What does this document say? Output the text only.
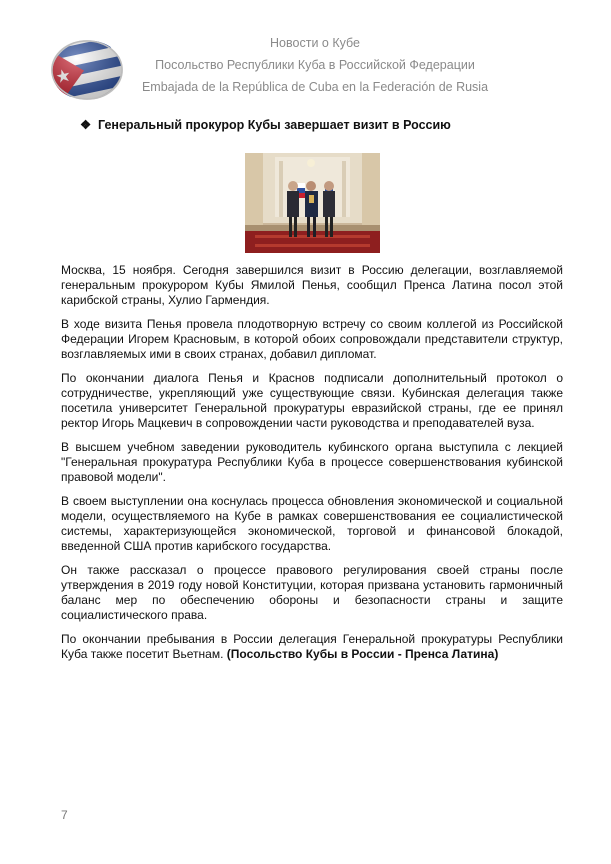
Новости о Кубе
Посольство Республики Куба в Российской Федерации
Embajada de la República de Cuba en la Federación de Rusia
❖ Генеральный прокурор Кубы завершает визит в Россию

Москва, 15 ноября. Сегодня завершился визит в Россию делегации, возглавляемой генеральным прокурором Кубы Ямилой Пенья, сообщил Пренса Латина посол этой карибской страны, Хулио Гармендия.

В ходе визита Пенья провела плодотворную встречу со своим коллегой из Российской Федерации Игорем Красновым, в которой обоих сопровождали представители структур, возглавляемых ими в своих странах, добавил дипломат.

По окончании диалога Пенья и Краснов подписали дополнительный протокол о сотрудничестве, укрепляющий уже существующие связи. Кубинская делегация также посетила университет Генеральной прокуратуры евразийской страны, где ее принял ректор Игорь Мацкевич в сопровождении части руководства и преподавателей вуза.

В высшем учебном заведении руководитель кубинского органа выступила с лекцией "Генеральная прокуратура Республики Куба в процессе совершенствования кубинской правовой модели".

В своем выступлении она коснулась процесса обновления экономической и социальной модели, осуществляемого на Кубе в рамках совершенствования ее социалистической системы, характеризующейся экономической, торговой и финансовой блокадой, введенной США против карибского государства.

Он также рассказал о процессе правового регулирования своей страны после утверждения в 2019 году новой Конституции, которая призвана установить гармоничный баланс мер по обеспечению обороны и безопасности страны и защите социалистического права.

По окончании пребывания в России делегация Генеральной прокуратуры Республики Куба также посетит Вьетнам. (Посольство Кубы в России - Пренса Латина)

7
